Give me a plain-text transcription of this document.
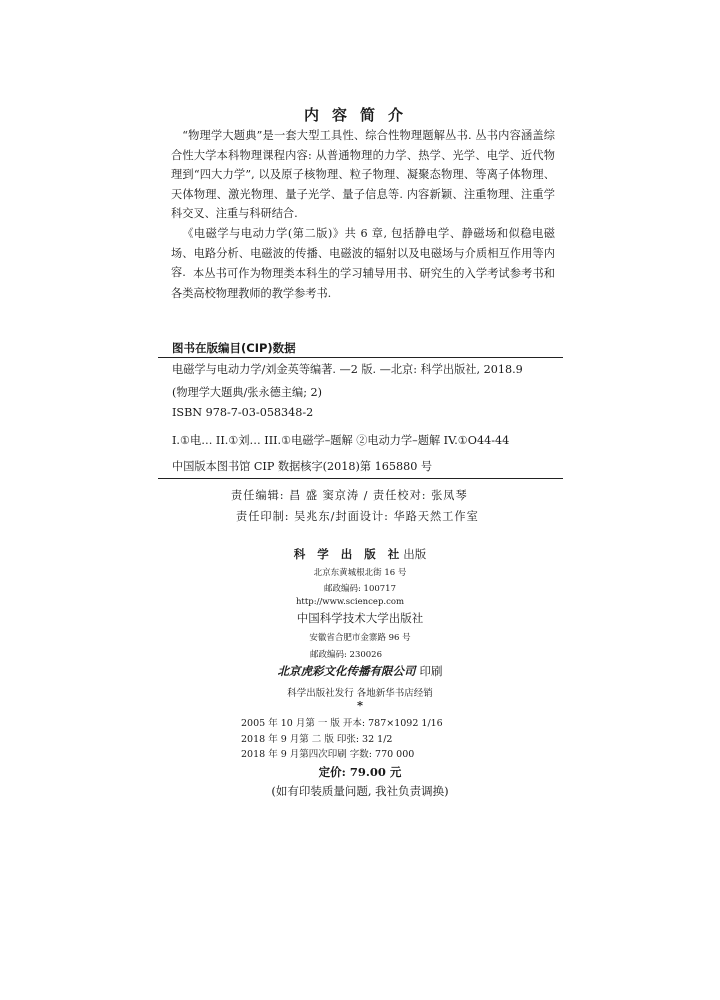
内容简介

“物理学大题典”是一套大型工具性、综合性物理题解丛书. 丛书内容涵盖综合性大学本科物理课程内容: 从普通物理的力学、热学、光学、电学、近代物理到“四大力学”, 以及原子核物理、粒子物理、凝聚态物理、等离子体物理、天体物理、激光物理、量子光学、量子信息等. 内容新颖、注重物理、注重学科交叉、注重与科研结合.

《电磁学与电动力学(第二版)》共 6 章, 包括静电学、静磁场和似稳电磁场、电路分析、电磁波的传播、电磁波的辐射以及电磁场与介质相互作用等内容. 本丛书可作为物理类本科生的学习辅导用书、研究生的入学考试参考书和各类高校物理教师的教学参考书.

图书在版编目(CIP)数据
电磁学与电动力学/刘金英等编著. —2 版. —北京: 科学出版社, 2018.9
(物理学大题典/张永德主编; 2)
ISBN 978-7-03-058348-2
I.①电… II.①刘… III.①电磁学–题解 ②电动力学–题解 IV.①O44-44
中国版本图书馆 CIP 数据核字(2018)第 165880 号
责任编辑: 昌 盛 窦京涛 / 责任校对: 张凤琴
责任印制: 吴兆东/封面设计: 华路天然工作室
科 学 出 版 社出版
北京东黄城根北街 16 号
邮政编码: 100717
http://www.sciencep.com
中国科学技术大学出版社
安徽省合肥市金寨路 96 号
邮政编码: 230026
北京虎彩文化传播有限公司 印刷
科学出版社发行 各地新华书店经销
*
2005 年 10 月第 一 版 开本: 787×1092 1/16
2018 年 9 月第 二 版 印张: 32 1/2
2018 年 9 月第四次印刷 字数: 770 000
定价: 79.00 元
(如有印装质量问题, 我社负责调换)
